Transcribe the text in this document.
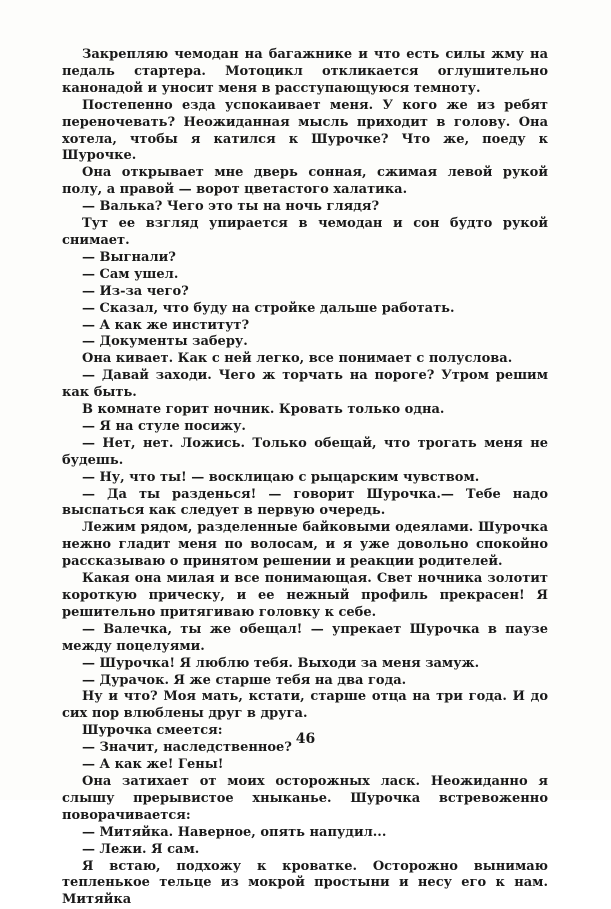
Закрепляю чемодан на багажнике и что есть силы жму на педаль стартера. Мотоцикл откликается оглушительно канонадой и уносит меня в расступающуюся темноту.

Постепенно езда успокаивает меня. У кого же из ребят переночевать? Неожиданная мысль приходит в голову. Она хотела, чтобы я катился к Шурочке? Что же, поеду к Шурочке.

Она открывает мне дверь сонная, сжимая левой рукой полу, а правой — ворот цветастого халатика.

— Валька? Чего это ты на ночь глядя?

Тут ее взгляд упирается в чемодан и сон будто рукой снимает.

— Выгнали?

— Сам ушел.

— Из-за чего?

— Сказал, что буду на стройке дальше работать.

— А как же институт?

— Документы заберу.

Она кивает. Как с ней легко, все понимает с полуслова.

— Давай заходи. Чего ж торчать на пороге? Утром решим как быть.

В комнате горит ночник. Кровать только одна.

— Я на стуле посижу.

— Нет, нет. Ложись. Только обещай, что трогать меня не будешь.

— Ну, что ты! — восклицаю с рыцарским чувством.

— Да ты разденься! — говорит Шурочка.— Тебе надо выспаться как следует в первую очередь.

Лежим рядом, разделенные байковыми одеялами. Шурочка нежно гладит меня по волосам, и я уже довольно спокойно рассказываю о принятом решении и реакции родителей.

Какая она милая и все понимающая. Свет ночника золотит короткую прическу, и ее нежный профиль прекрасен! Я решительно притягиваю головку к себе.

— Валечка, ты же обещал! — упрекает Шурочка в паузе между поцелуями.

— Шурочка! Я люблю тебя. Выходи за меня замуж.

— Дурачок. Я же старше тебя на два года.

Ну и что? Моя мать, кстати, старше отца на три года. И до сих пор влюблены друг в друга.

Шурочка смеется:

— Значит, наследственное?

— А как же! Гены!

Она затихает от моих осторожных ласк. Неожиданно я слышу прерывистое хныканье. Шурочка встревоженно поворачивается:

— Митяйка. Наверное, опять напудил...

— Лежи. Я сам.

Я встаю, подхожу к кроватке. Осторожно вынимаю тепленькое тельце из мокрой простыни и несу его к нам. Митяйка

46
